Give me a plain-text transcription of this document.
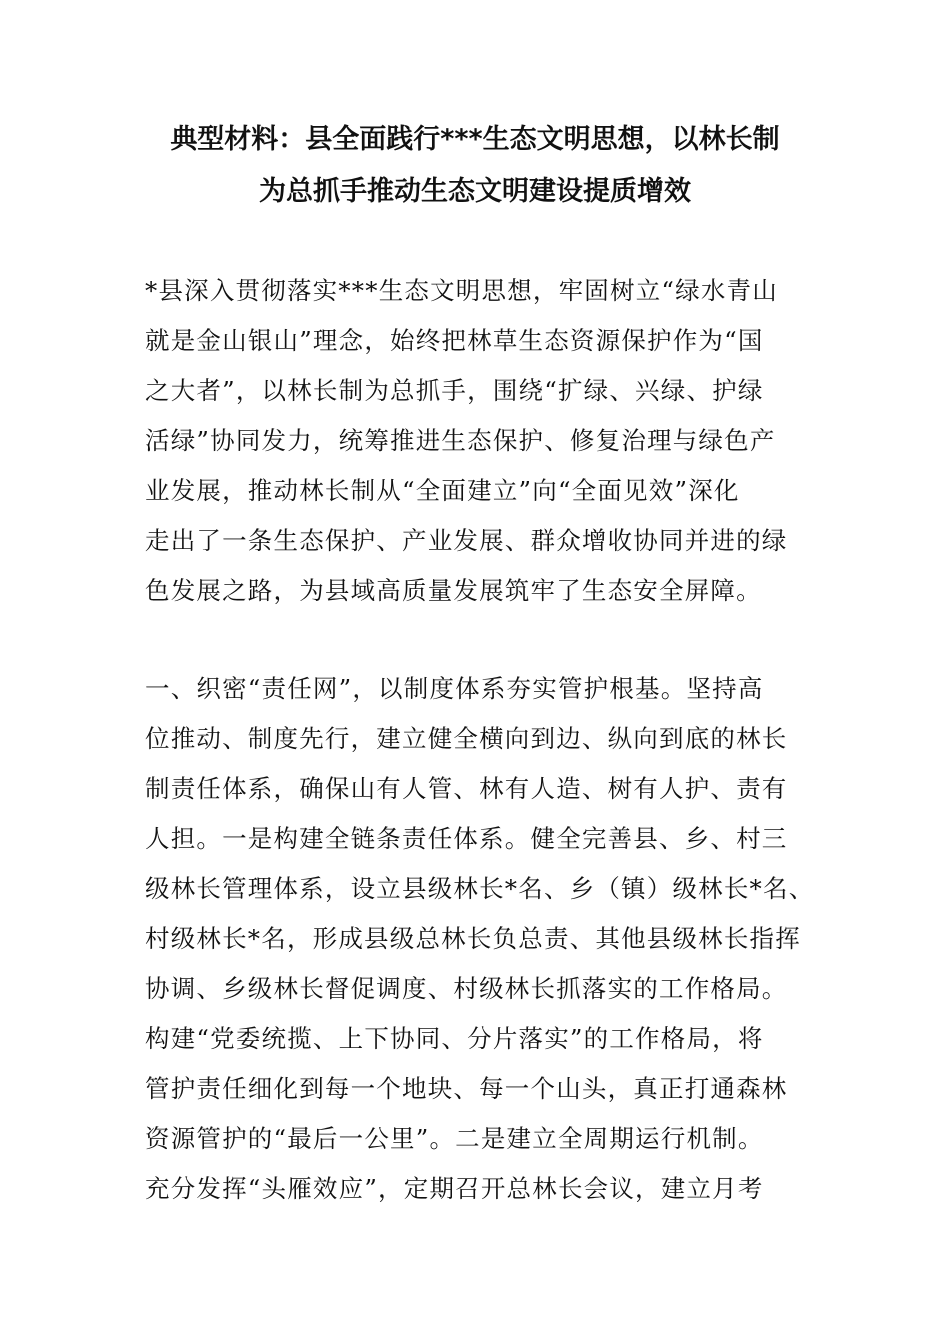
典型材料：县全面践行***生态文明思想，以林长制
为总抓手推动生态文明建设提质增效
*县深入贯彻落实***生态文明思想，牢固树立“绿水青山
就是金山银山”理念，始终把林草生态资源保护作为“国
之大者”，以林长制为总抓手，围绕“扩绿、兴绿、护绿
活绿”协同发力，统筹推进生态保护、修复治理与绿色产
业发展，推动林长制从“全面建立”向“全面见效”深化
走出了一条生态保护、产业发展、群众增收协同并进的绿
色发展之路，为县域高质量发展筑牢了生态安全屏障。
一、织密“责任网”，以制度体系夯实管护根基。坚持高
位推动、制度先行，建立健全横向到边、纵向到底的林长
制责任体系，确保山有人管、林有人造、树有人护、责有
人担。一是构建全链条责任体系。健全完善县、乡、村三
级林长管理体系，设立县级林长*名、乡（镇）级林长*名、
村级林长*名，形成县级总林长负总责、其他县级林长指挥
协调、乡级林长督促调度、村级林长抓落实的工作格局。
构建“党委统揽、上下协同、分片落实”的工作格局，将
管护责任细化到每一个地块、每一个山头，真正打通森林
资源管护的“最后一公里”。二是建立全周期运行机制。
充分发挥“头雁效应”，定期召开总林长会议，建立月考
